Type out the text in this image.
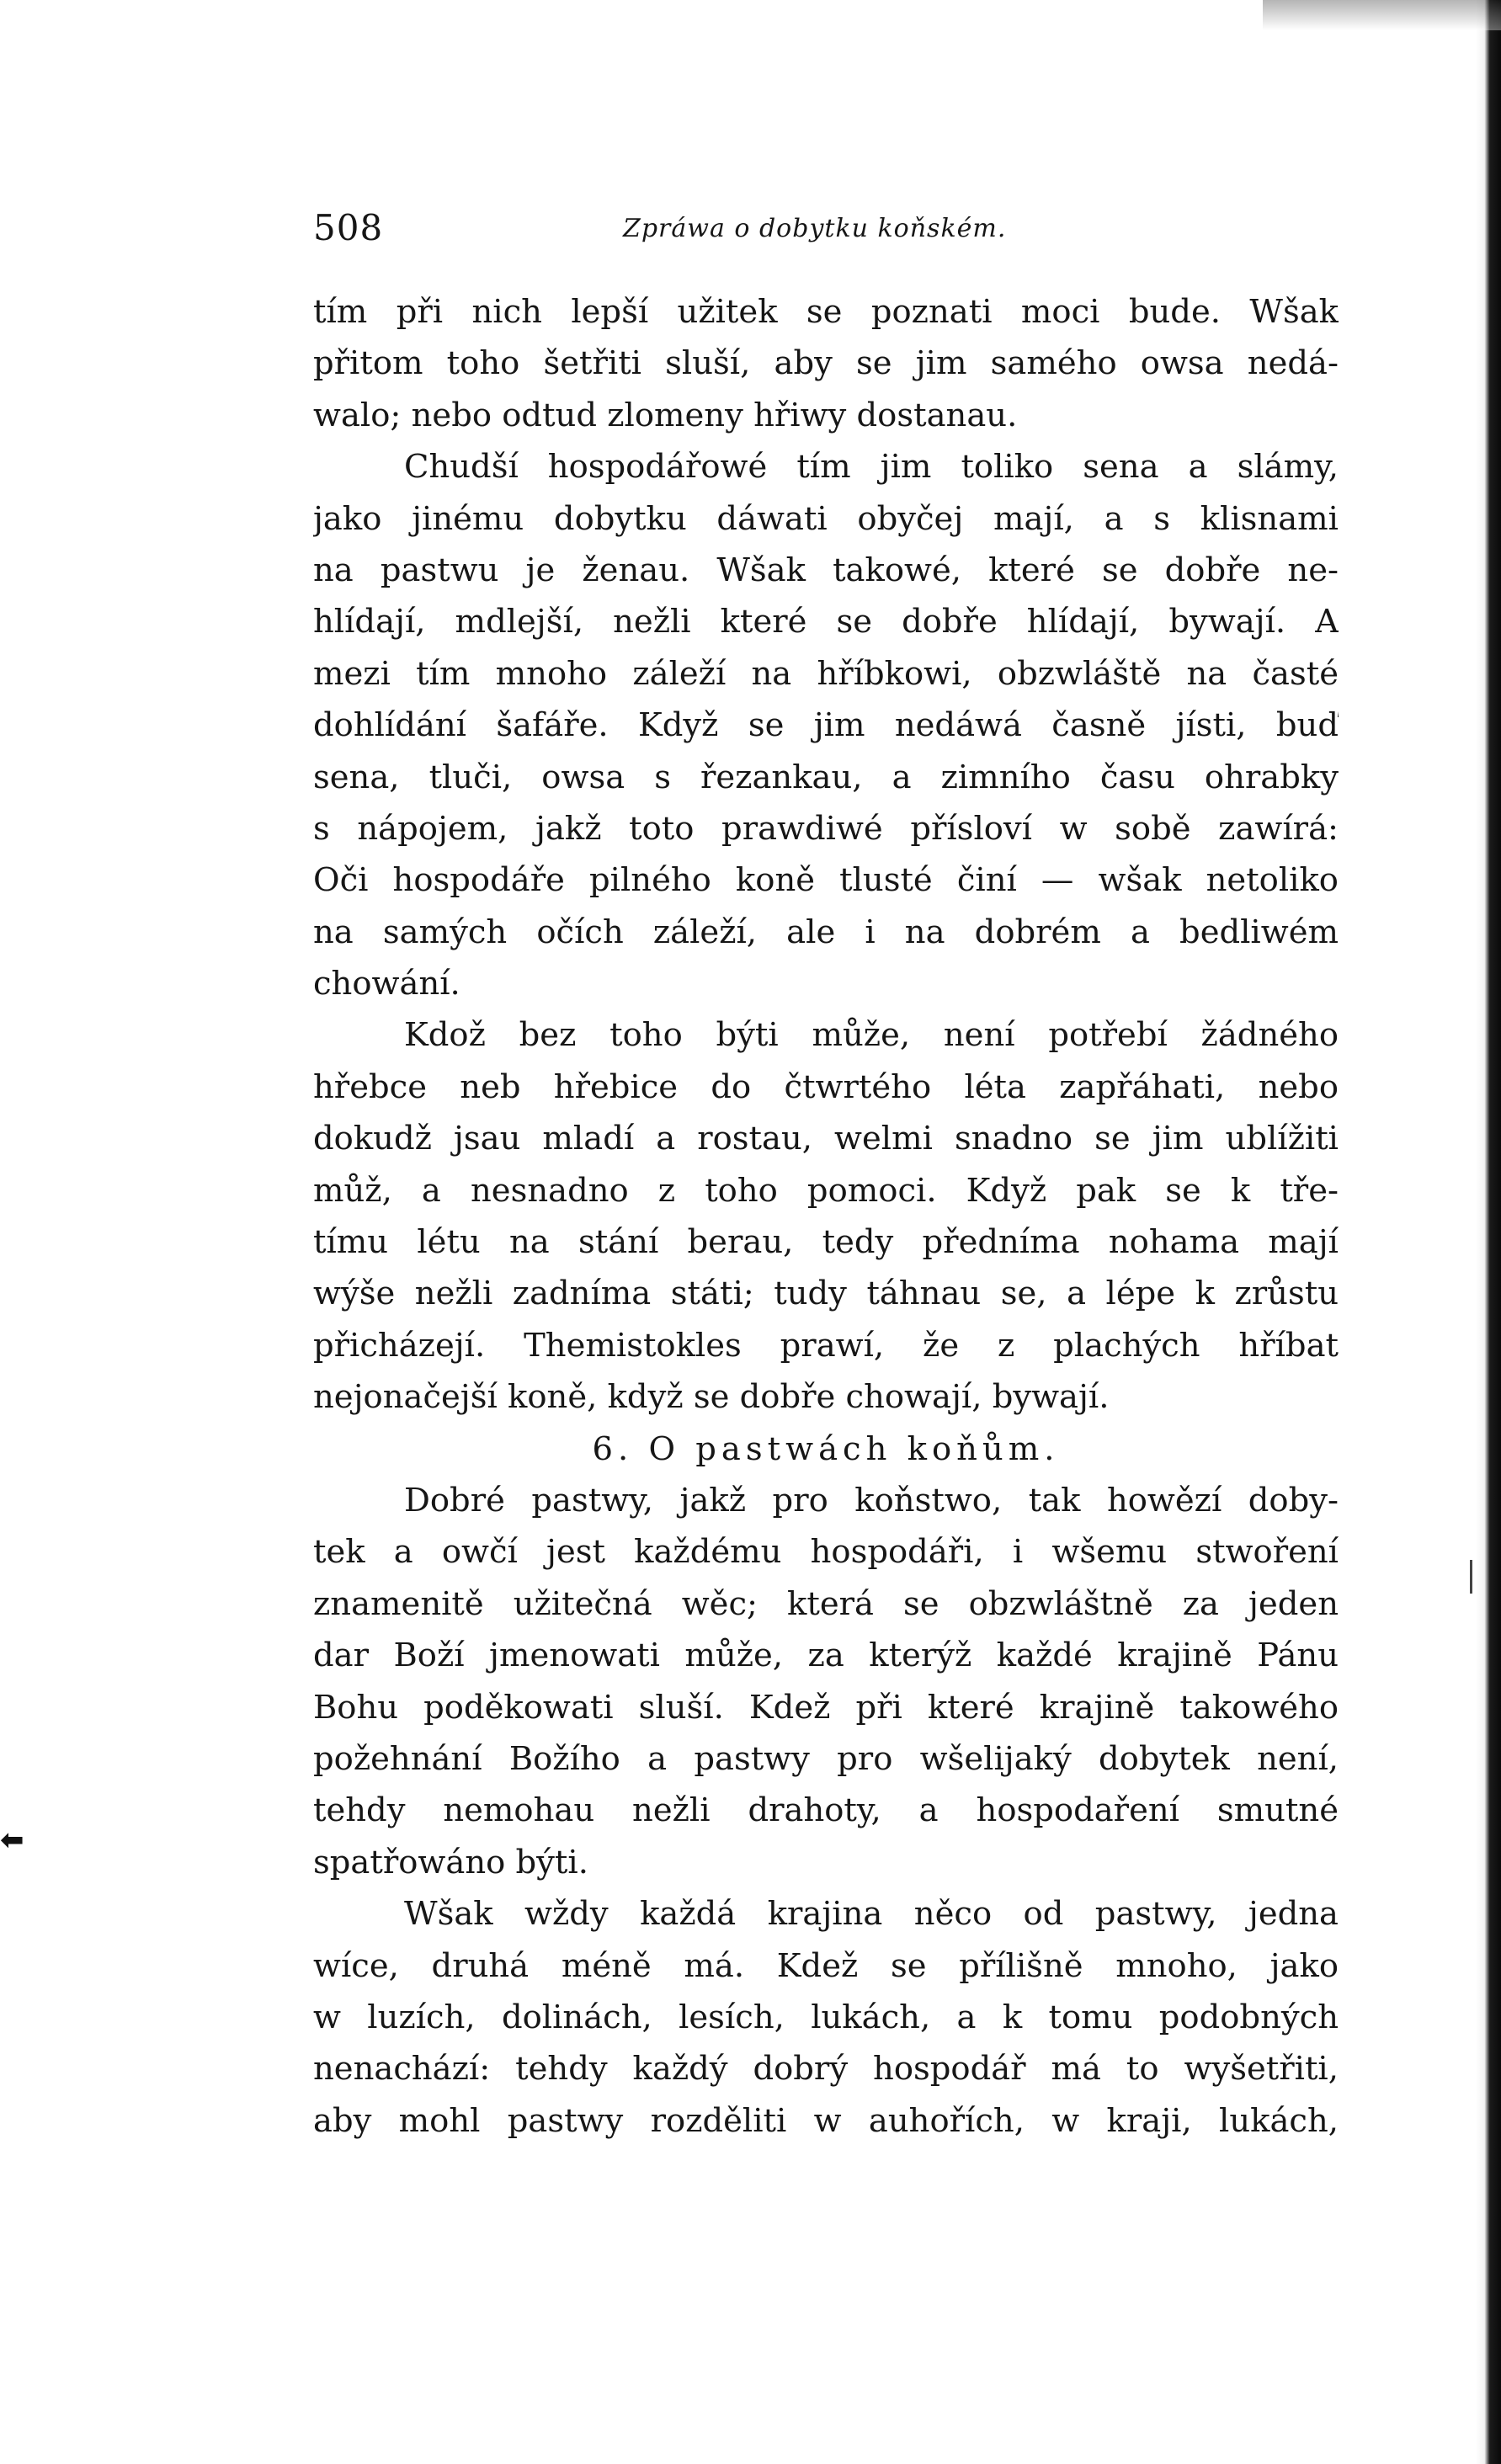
⬅
508	Zpráwa o dobytku koňském.
tím při nich lepší užitek se poznati moci bude. Wšak
přitom toho šetřiti sluší, aby se jim samého owsa nedá-
walo; nebo odtud zlomeny hřiwy dostanau.
Chudší hospodářowé tím jim toliko sena a slámy,
jako jinému dobytku dáwati obyčej mají, a s klisnami
na pastwu je ženau. Wšak takowé, které se dobře ne-
hlídají, mdlejší, nežli které se dobře hlídají, bywají. A
mezi tím mnoho záleží na hříbkowi, obzwláště na časté
dohlídání šafáře. Když se jim nedáwá časně jísti, buď
sena, tluči, owsa s řezankau, a zimního času ohrabky
s nápojem, jakž toto prawdiwé přísloví w sobě zawírá:
Oči hospodáře pilného koně tlusté činí — wšak netoliko
na samých očích záleží, ale i na dobrém a bedliwém
chowání.
Kdož bez toho býti může, není potřebí žádného
hřebce neb hřebice do čtwrtého léta zapřáhati, nebo
dokudž jsau mladí a rostau, welmi snadno se jim ublížiti
můž, a nesnadno z toho pomoci. Když pak se k tře-
tímu létu na stání berau, tedy předníma nohama mají
wýše nežli zadníma státi; tudy táhnau se, a lépe k zrůstu
přicházejí. Themistokles prawí, že z plachých hříbat
nejonačejší koně, když se dobře chowají, bywají.
6. O pastwách koňům.
Dobré pastwy, jakž pro koňstwo, tak howězí doby-
tek a owčí jest každému hospodáři, i wšemu stwoření
znamenitě užitečná wěc; která se obzwláštně za jeden
dar Boží jmenowati může, za kterýž každé krajině Pánu
Bohu poděkowati sluší. Kdež při které krajině takowého
požehnání Božího a pastwy pro wšelijaký dobytek není,
tehdy nemohau nežli drahoty, a hospodaření smutné
spatřowáno býti.
Wšak wždy každá krajina něco od pastwy, jedna
wíce, druhá méně má. Kdež se přílišně mnoho, jako
w luzích, dolinách, lesích, lukách, a k tomu podobných
nenachází: tehdy každý dobrý hospodář má to wyšetřiti,
aby mohl pastwy rozděliti w auhořích, w kraji, lukách,
